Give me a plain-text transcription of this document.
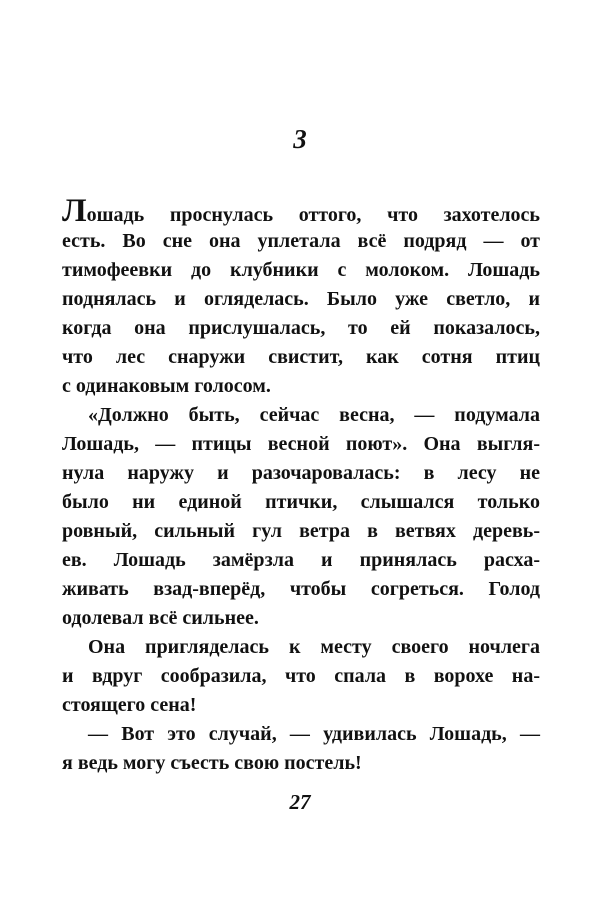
3
Лошадь проснулась оттого, что захотелось
есть. Во сне она уплетала всё подряд — от
тимофеевки до клубники с молоком. Лошадь
поднялась и огляделась. Было уже светло, и
когда она прислушалась, то ей показалось,
что лес снаружи свистит, как сотня птиц
с одинаковым голосом.
«Должно быть, сейчас весна, — подумала
Лошадь, — птицы весной поют». Она выгля-
нула наружу и разочаровалась: в лесу не
было ни единой птички, слышался только
ровный, сильный гул ветра в ветвях деревь-
ев. Лошадь замёрзла и принялась расха-
живать взад-вперёд, чтобы согреться. Голод
одолевал всё сильнее.
Она пригляделась к месту своего ночлега
и вдруг сообразила, что спала в ворохе на-
стоящего сена!
— Вот это случай, — удивилась Лошадь, —
я ведь могу съесть свою постель!
27
